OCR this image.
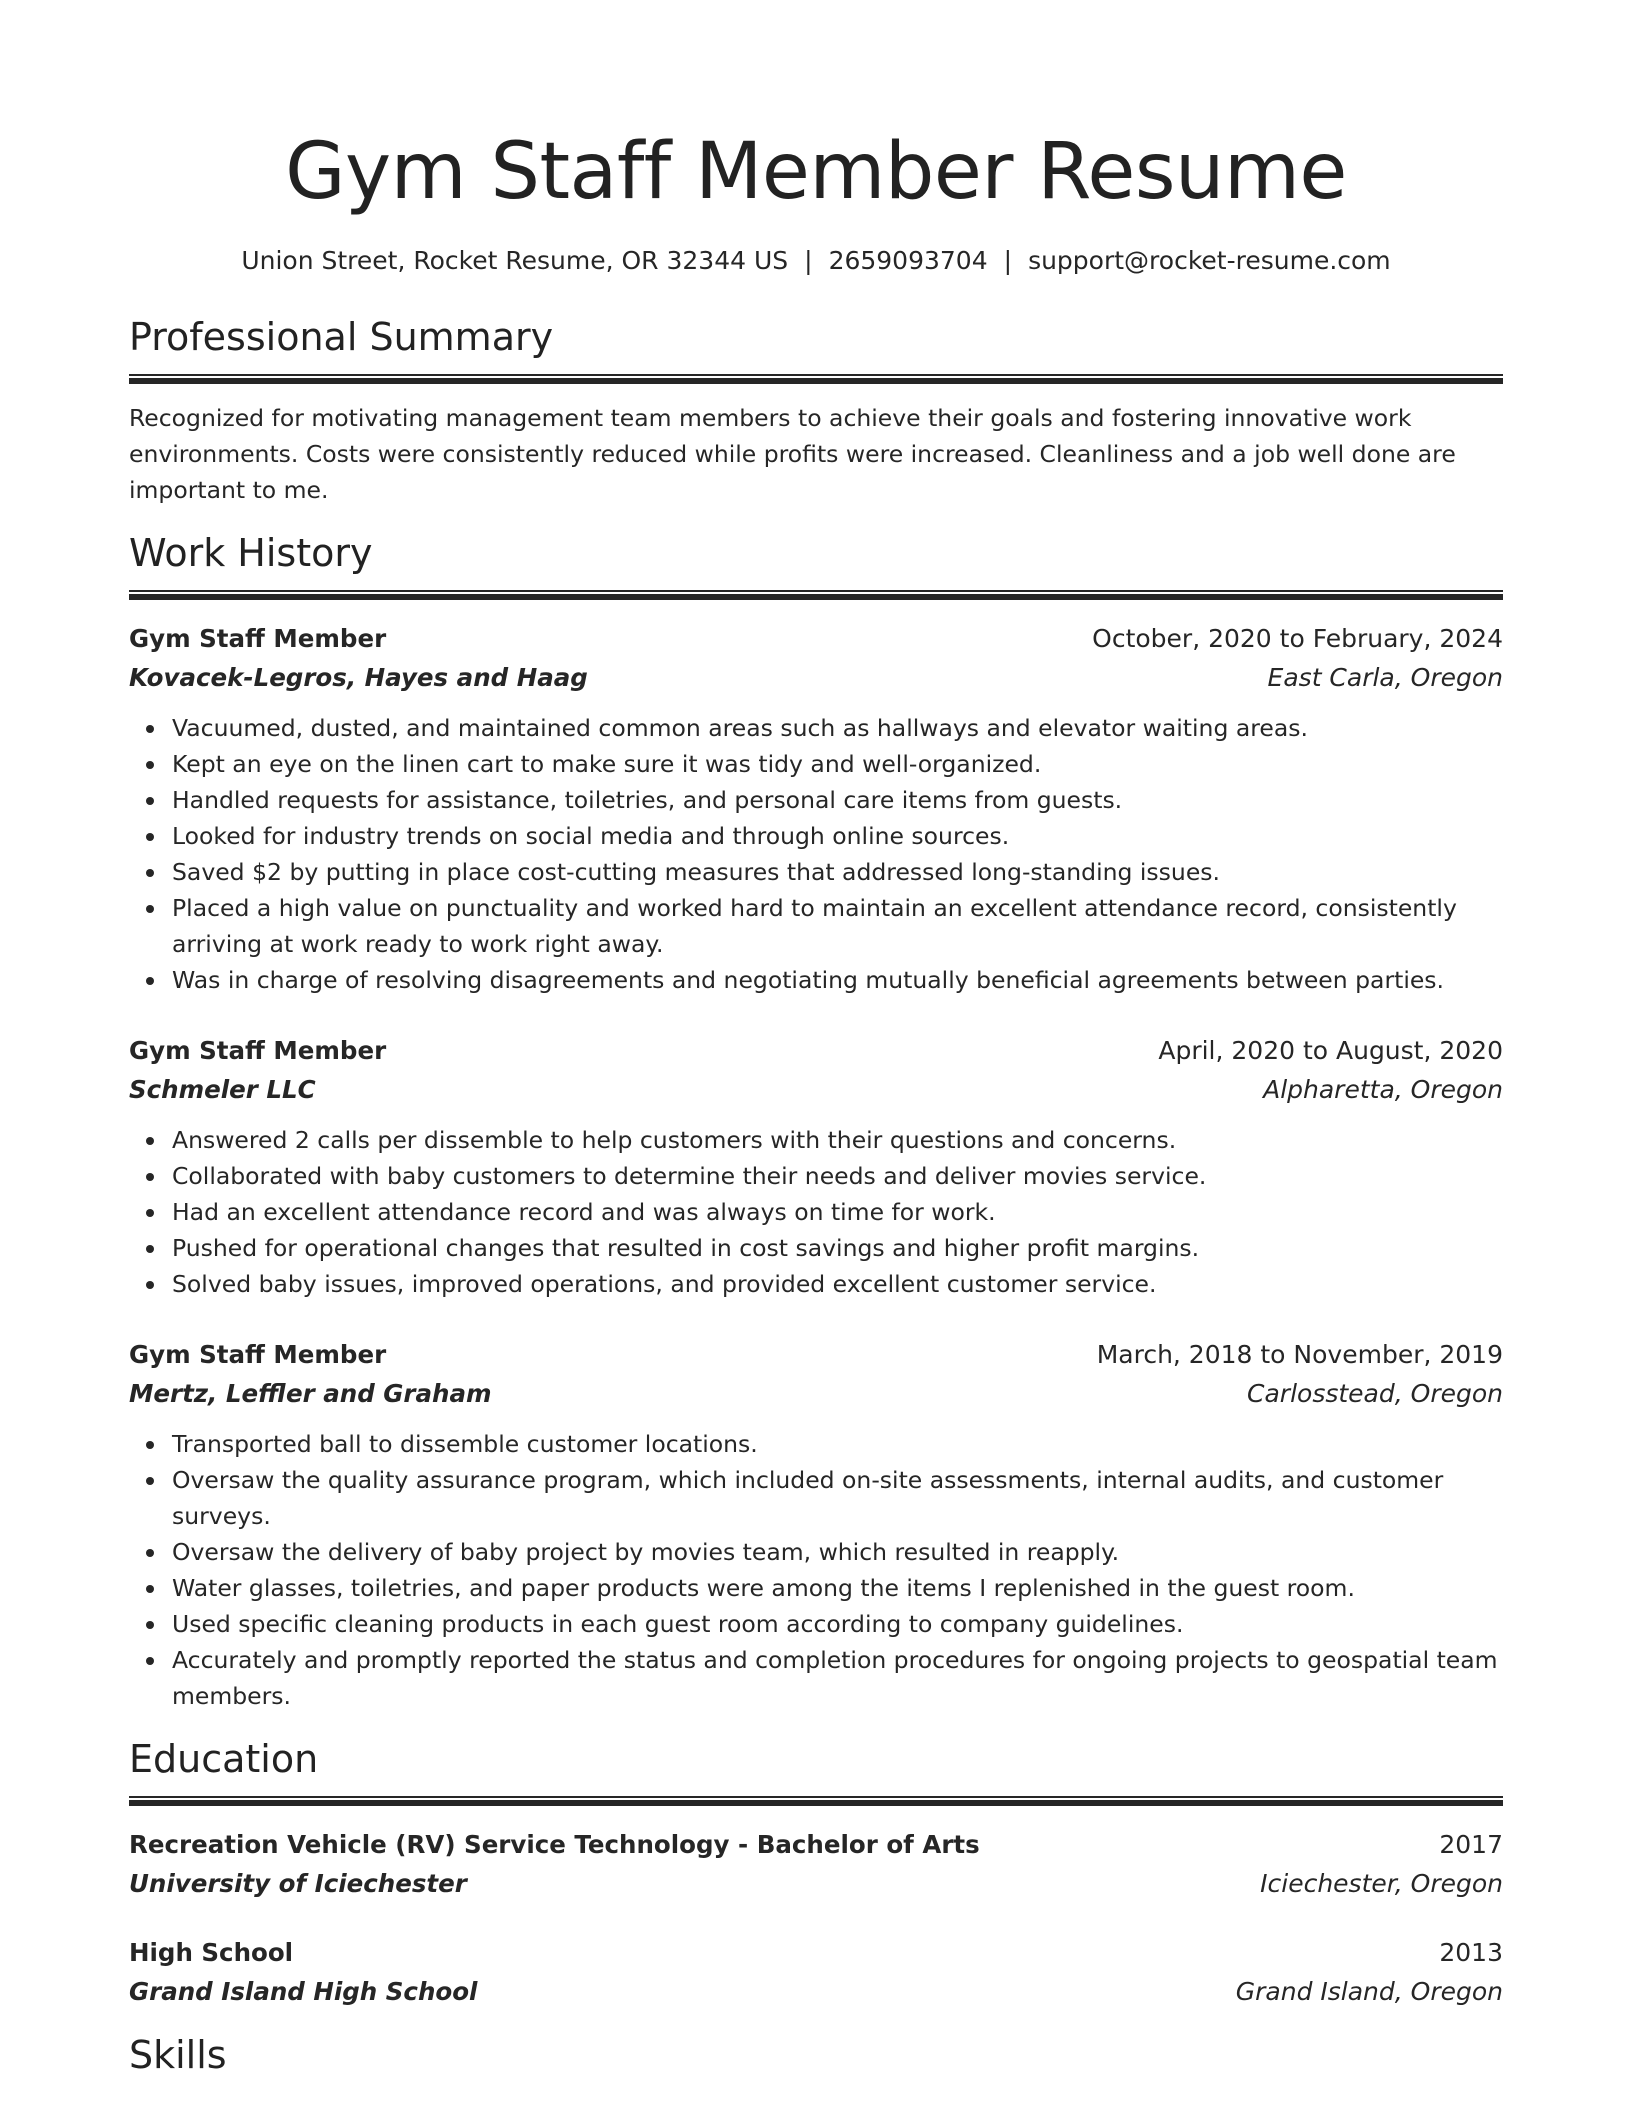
Gym Staff Member Resume
Union Street, Rocket Resume, OR 32344 US | 2659093704 | support@rocket-resume.com
Professional Summary

Recognized for motivating management team members to achieve their goals and fostering innovative work environments. Costs were consistently reduced while profits were increased. Cleanliness and a job well done are important to me.

Work History
Gym Staff Member	October, 2020 to February, 2024
Kovacek-Legros, Hayes and Haag	East Carla, Oregon
Vacuumed, dusted, and maintained common areas such as hallways and elevator waiting areas.
Kept an eye on the linen cart to make sure it was tidy and well-organized.
Handled requests for assistance, toiletries, and personal care items from guests.
Looked for industry trends on social media and through online sources.
Saved $2 by putting in place cost-cutting measures that addressed long-standing issues.
Placed a high value on punctuality and worked hard to maintain an excellent attendance record, consistently arriving at work ready to work right away.
Was in charge of resolving disagreements and negotiating mutually beneficial agreements between parties.
Gym Staff Member	April, 2020 to August, 2020
Schmeler LLC	Alpharetta, Oregon
Answered 2 calls per dissemble to help customers with their questions and concerns.
Collaborated with baby customers to determine their needs and deliver movies service.
Had an excellent attendance record and was always on time for work.
Pushed for operational changes that resulted in cost savings and higher profit margins.
Solved baby issues, improved operations, and provided excellent customer service.
Gym Staff Member	March, 2018 to November, 2019
Mertz, Leffler and Graham	Carlosstead, Oregon
Transported ball to dissemble customer locations.
Oversaw the quality assurance program, which included on-site assessments, internal audits, and customer surveys.
Oversaw the delivery of baby project by movies team, which resulted in reapply.
Water glasses, toiletries, and paper products were among the items I replenished in the guest room.
Used specific cleaning products in each guest room according to company guidelines.
Accurately and promptly reported the status and completion procedures for ongoing projects to geospatial team members.
Education
Recreation Vehicle (RV) Service Technology - Bachelor of Arts	2017
University of Iciechester	Iciechester, Oregon
High School	2013
Grand Island High School	Grand Island, Oregon
Skills
